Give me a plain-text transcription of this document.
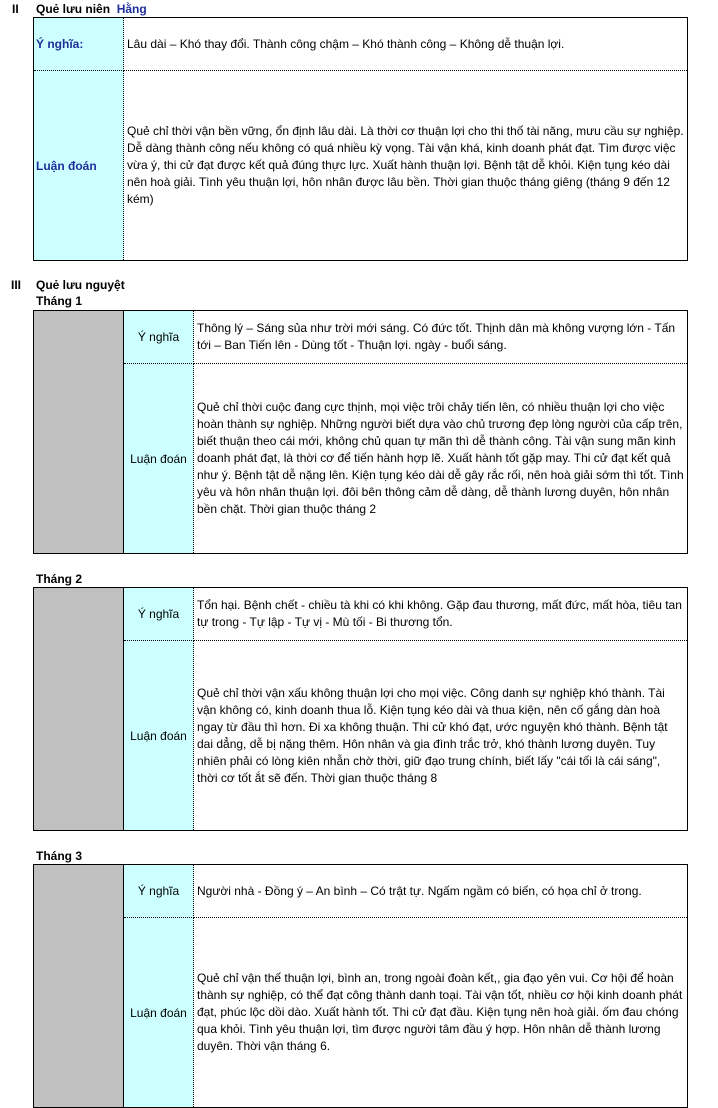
II Quẻ lưu niên Hằng
Ý nghĩa:	Lâu dài – Khó thay đổi. Thành công chậm – Khó thành công – Không dễ thuận lợi.
Luận đoán
Quẻ chỉ thời vận bền vững, ổn định lâu dài. Là thời cơ thuận lợi cho thi thố tài năng, mưu cầu sự nghiệp. Dễ dàng thành công nếu không có quá nhiều kỳ vọng. Tài vận khá, kinh doanh phát đạt. Tìm được việc vừa ý, thi cử đạt được kết quả đúng thực lực. Xuất hành thuận lợi. Bệnh tật dễ khỏi. Kiện tụng kéo dài nên hoà giải. Tình yêu thuận lợi, hôn nhân được lâu bền. Thời gian thuộc tháng giêng (tháng 9 đến 12 kém)
III Quẻ lưu nguyệt
Tháng 1
Ý nghĩa
Thông lý – Sáng sủa như trời mới sáng. Có đức tốt. Thịnh dân mà không vượng lớn - Tấn tới – Ban Tiến lên - Dùng tốt - Thuận lợi. ngày - buổi sáng.
Luận đoán
Quẻ chỉ thời cuộc đang cực thịnh, mọi việc trôi chảy tiến lên, có nhiều thuận lợi cho việc hoàn thành sự nghiệp. Những người biết dựa vào chủ trương đẹp lòng người của cấp trên, biết thuận theo cái mới, không chủ quan tự mãn thì dễ thành công. Tài vận sung mãn kinh doanh phát đạt, là thời cơ để tiến hành hợp lẽ. Xuất hành tốt gặp may. Thi cử đạt kết quả như ý. Bệnh tật dễ nặng lên. Kiện tụng kéo dài dễ gây rắc rối, nên hoà giải sớm thì tốt. Tình yêu và hôn nhân thuận lợi. đôi bên thông cảm dễ dàng, dễ thành lương duyên, hôn nhân bền chặt. Thời gian thuộc tháng 2
Tháng 2
Ý nghĩa
Tổn hại. Bệnh chết - chiều tà khi có khi không. Gặp đau thương, mất đức, mất hòa, tiêu tan tự trong - Tự lập - Tự vị - Mù tối - Bi thương tổn.
Luận đoán
Quẻ chỉ thời vận xấu không thuận lợi cho mọi việc. Công danh sự nghiệp khó thành. Tài vận không có, kinh doanh thua lỗ. Kiện tụng kéo dài và thua kiện, nên cố gắng dàn hoà ngay từ đầu thì hơn. Đi xa không thuận. Thi cử khó đạt, ước nguyện khó thành. Bệnh tật dai dẳng, dễ bị nặng thêm. Hôn nhân và gia đình trắc trở, khó thành lương duyên. Tuy nhiên phải có lòng kiên nhẫn chờ thời, giữ đạo trung chính, biết lấy "cái tối là cái sáng", thời cơ tốt ắt sẽ đến. Thời gian thuộc tháng 8
Tháng 3
Ý nghĩa	Người nhà - Đồng ý – An bình – Có trật tự. Ngấm ngầm có biến, có họa chỉ ở trong.
Luận đoán
Quẻ chỉ vận thế thuận lợi, bình an, trong ngoài đoàn kết,, gia đạo yên vui. Cơ hội để hoàn thành sự nghiệp, có thể đạt công thành danh toại. Tài vận tốt, nhiều cơ hội kinh doanh phát đạt, phúc lộc dồi dào. Xuất hành tốt. Thi cử đạt đầu. Kiện tụng nên hoà giải. ốm đau chóng qua khỏi. Tình yêu thuận lợi, tìm được người tâm đầu ý hợp. Hôn nhân dễ thành lương duyên. Thời vận tháng 6.
